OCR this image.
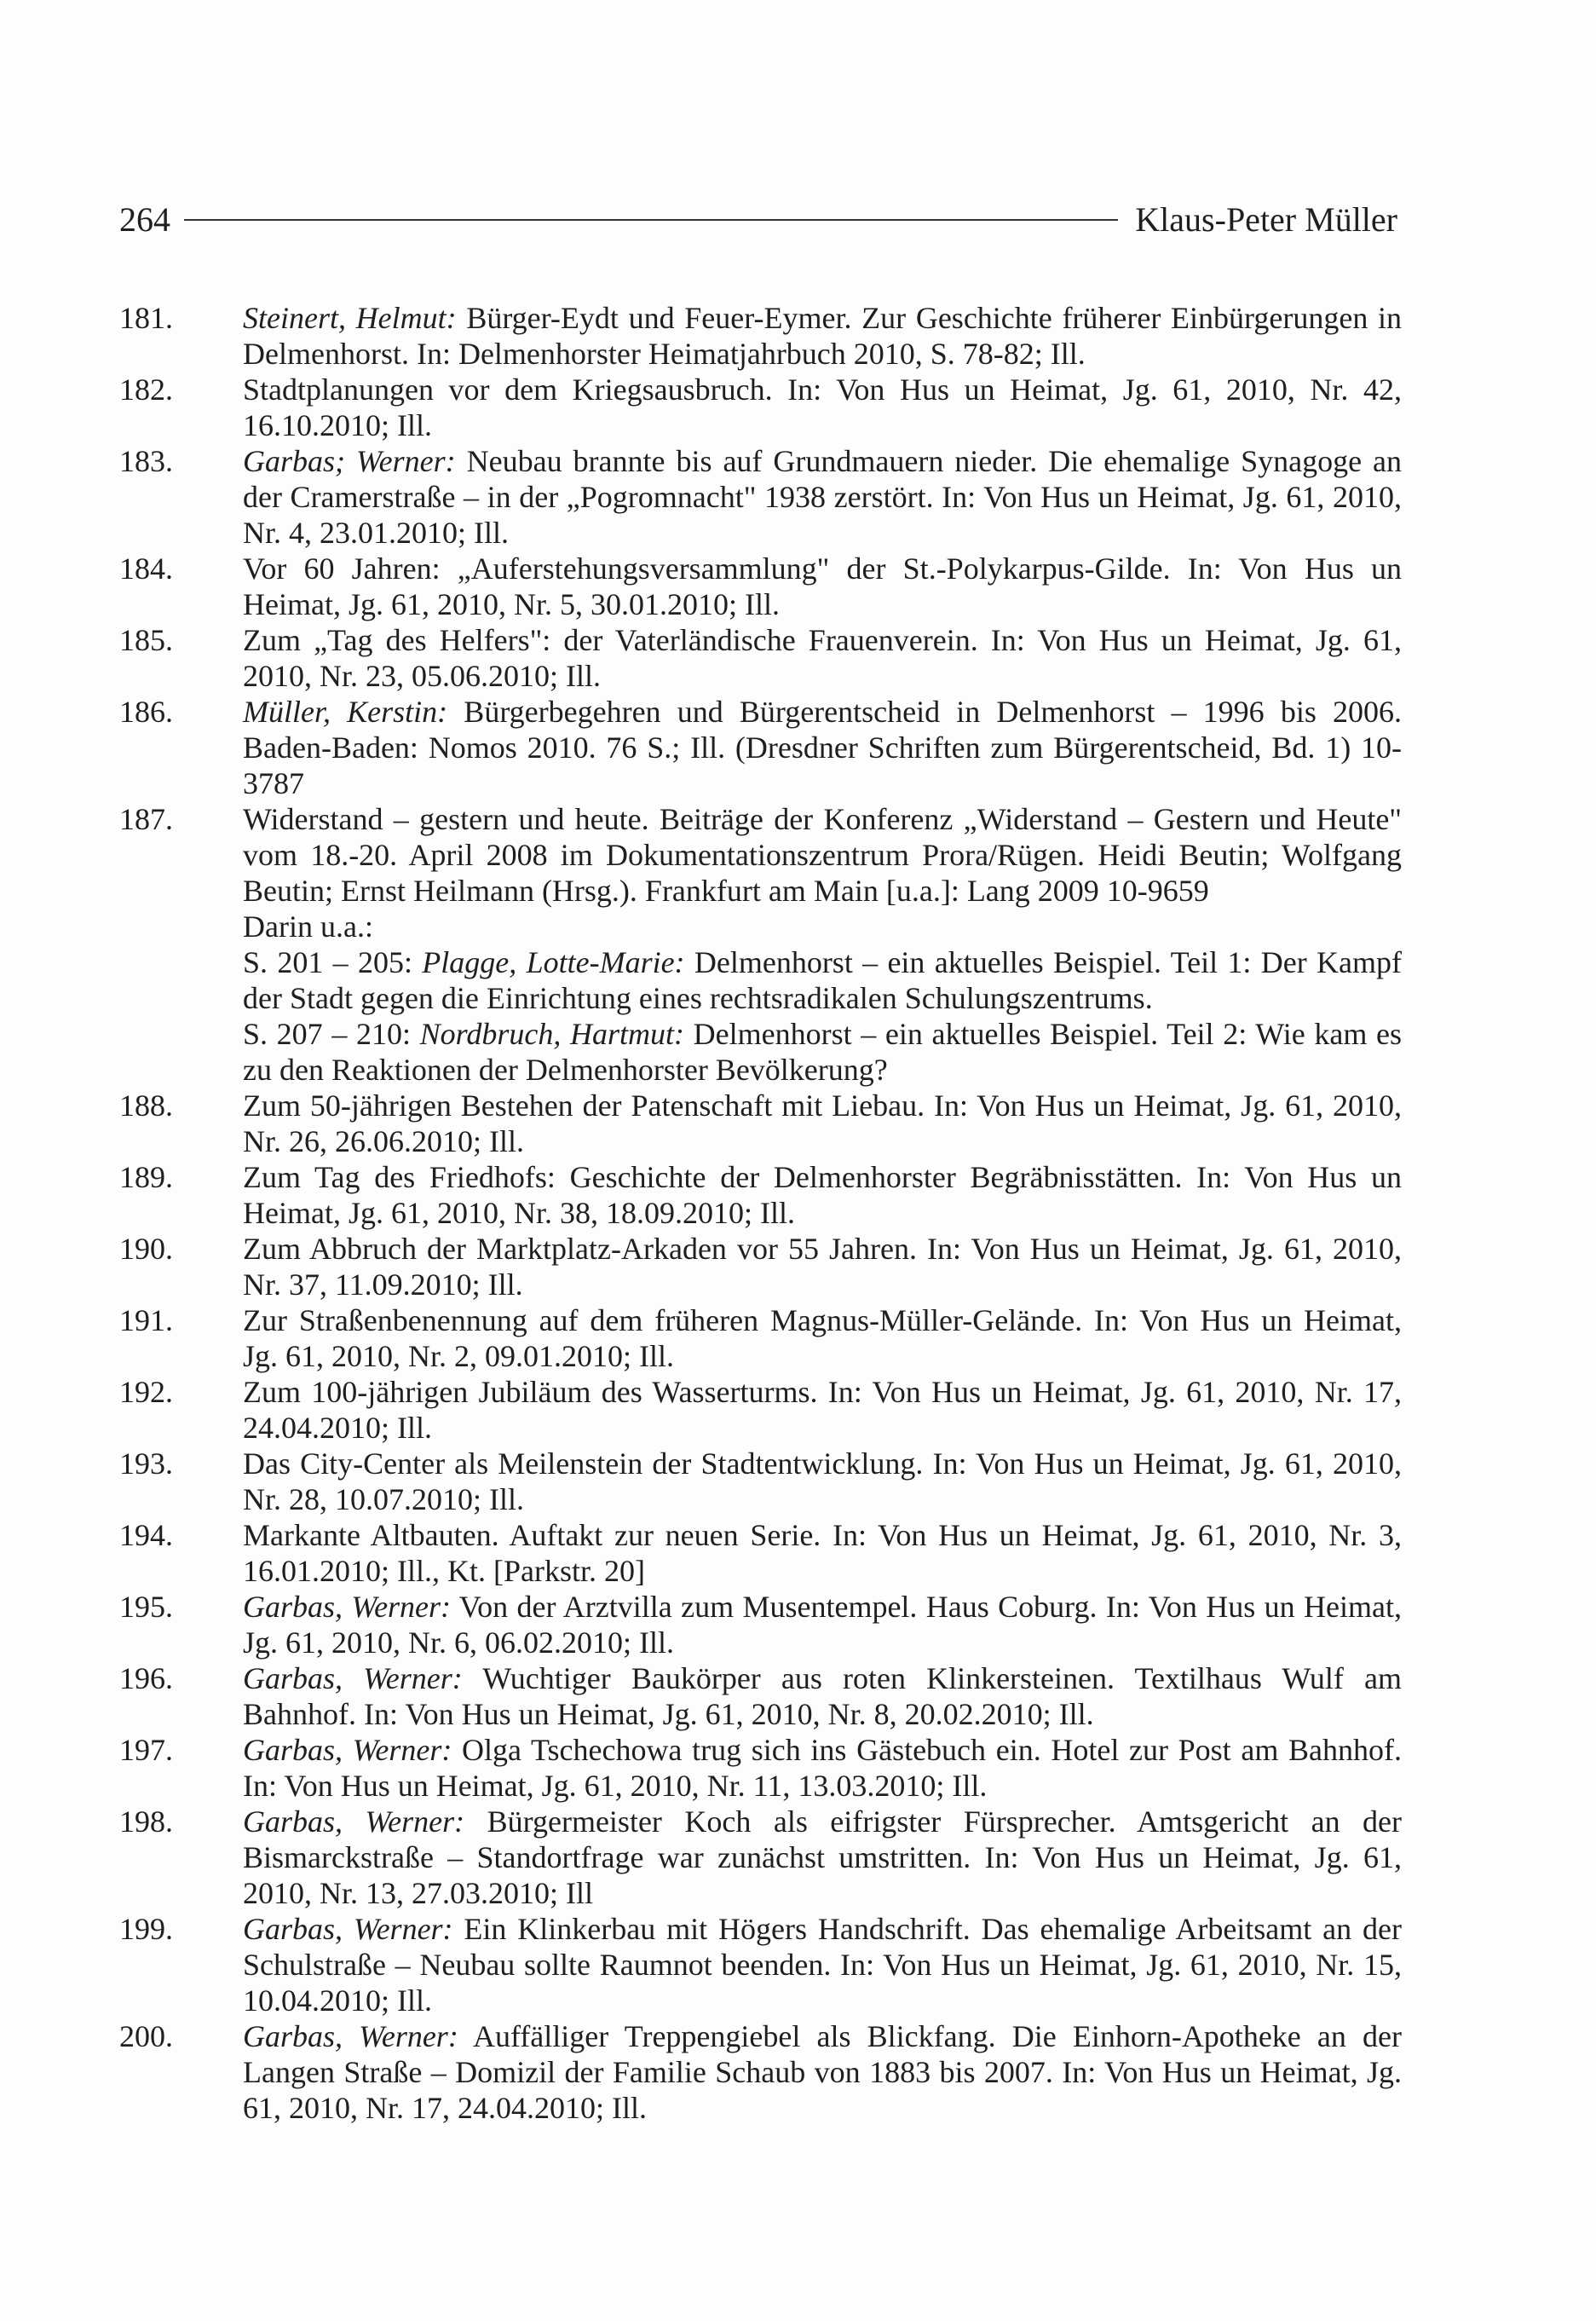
264	Klaus-Peter Müller
181.	Steinert, Helmut: Bürger-Eydt und Feuer-Eymer. Zur Geschichte früherer Einbürgerungen in Delmenhorst. In: Delmenhorster Heimatjahrbuch 2010, S. 78-82; Ill.
182.	Stadtplanungen vor dem Kriegsausbruch. In: Von Hus un Heimat, Jg. 61, 2010, Nr. 42, 16.10.2010; Ill.
183.	Garbas; Werner: Neubau brannte bis auf Grundmauern nieder. Die ehemalige Synagoge an der Cramerstraße – in der „Pogromnacht" 1938 zerstört. In: Von Hus un Heimat, Jg. 61, 2010, Nr. 4, 23.01.2010; Ill.
184.	Vor 60 Jahren: „Auferstehungsversammlung" der St.-Polykarpus-Gilde. In: Von Hus un Heimat, Jg. 61, 2010, Nr. 5, 30.01.2010; Ill.
185.	Zum „Tag des Helfers": der Vaterländische Frauenverein. In: Von Hus un Heimat, Jg. 61, 2010, Nr. 23, 05.06.2010; Ill.
186.	Müller, Kerstin: Bürgerbegehren und Bürgerentscheid in Delmenhorst – 1996 bis 2006. Baden-Baden: Nomos 2010. 76 S.; Ill. (Dresdner Schriften zum Bürgerentscheid, Bd. 1) 10-3787
187.	Widerstand – gestern und heute. Beiträge der Konferenz „Widerstand – Gestern und Heute" vom 18.-20. April 2008 im Dokumentationszentrum Prora/Rügen. Heidi Beutin; Wolfgang Beutin; Ernst Heilmann (Hrsg.). Frankfurt am Main [u.a.]: Lang 2009 10-9659
Darin u.a.:
S. 201 – 205: Plagge, Lotte-Marie: Delmenhorst – ein aktuelles Beispiel. Teil 1: Der Kampf der Stadt gegen die Einrichtung eines rechtsradikalen Schulungszentrums.
S. 207 – 210: Nordbruch, Hartmut: Delmenhorst – ein aktuelles Beispiel. Teil 2: Wie kam es zu den Reaktionen der Delmenhorster Bevölkerung?
188.	Zum 50-jährigen Bestehen der Patenschaft mit Liebau. In: Von Hus un Heimat, Jg. 61, 2010, Nr. 26, 26.06.2010; Ill.
189.	Zum Tag des Friedhofs: Geschichte der Delmenhorster Begräbnisstätten. In: Von Hus un Heimat, Jg. 61, 2010, Nr. 38, 18.09.2010; Ill.
190.	Zum Abbruch der Marktplatz-Arkaden vor 55 Jahren. In: Von Hus un Heimat, Jg. 61, 2010, Nr. 37, 11.09.2010; Ill.
191.	Zur Straßenbenennung auf dem früheren Magnus-Müller-Gelände. In: Von Hus un Heimat, Jg. 61, 2010, Nr. 2, 09.01.2010; Ill.
192.	Zum 100-jährigen Jubiläum des Wasserturms. In: Von Hus un Heimat, Jg. 61, 2010, Nr. 17, 24.04.2010; Ill.
193.	Das City-Center als Meilenstein der Stadtentwicklung. In: Von Hus un Heimat, Jg. 61, 2010, Nr. 28, 10.07.2010; Ill.
194.	Markante Altbauten. Auftakt zur neuen Serie. In: Von Hus un Heimat, Jg. 61, 2010, Nr. 3, 16.01.2010; Ill., Kt. [Parkstr. 20]
195.	Garbas, Werner: Von der Arztvilla zum Musentempel. Haus Coburg. In: Von Hus un Heimat, Jg. 61, 2010, Nr. 6, 06.02.2010; Ill.
196.	Garbas, Werner: Wuchtiger Baukörper aus roten Klinkersteinen. Textilhaus Wulf am Bahnhof. In: Von Hus un Heimat, Jg. 61, 2010, Nr. 8, 20.02.2010; Ill.
197.	Garbas, Werner: Olga Tschechowa trug sich ins Gästebuch ein. Hotel zur Post am Bahnhof. In: Von Hus un Heimat, Jg. 61, 2010, Nr. 11, 13.03.2010; Ill.
198.	Garbas, Werner: Bürgermeister Koch als eifrigster Fürsprecher. Amtsgericht an der Bismarckstraße – Standortfrage war zunächst umstritten. In: Von Hus un Heimat, Jg. 61, 2010, Nr. 13, 27.03.2010; Ill
199.	Garbas, Werner: Ein Klinkerbau mit Högers Handschrift. Das ehemalige Arbeitsamt an der Schulstraße – Neubau sollte Raumnot beenden. In: Von Hus un Heimat, Jg. 61, 2010, Nr. 15, 10.04.2010; Ill.
200.	Garbas, Werner: Auffälliger Treppengiebel als Blickfang. Die Einhorn-Apotheke an der Langen Straße – Domizil der Familie Schaub von 1883 bis 2007. In: Von Hus un Heimat, Jg. 61, 2010, Nr. 17, 24.04.2010; Ill.
